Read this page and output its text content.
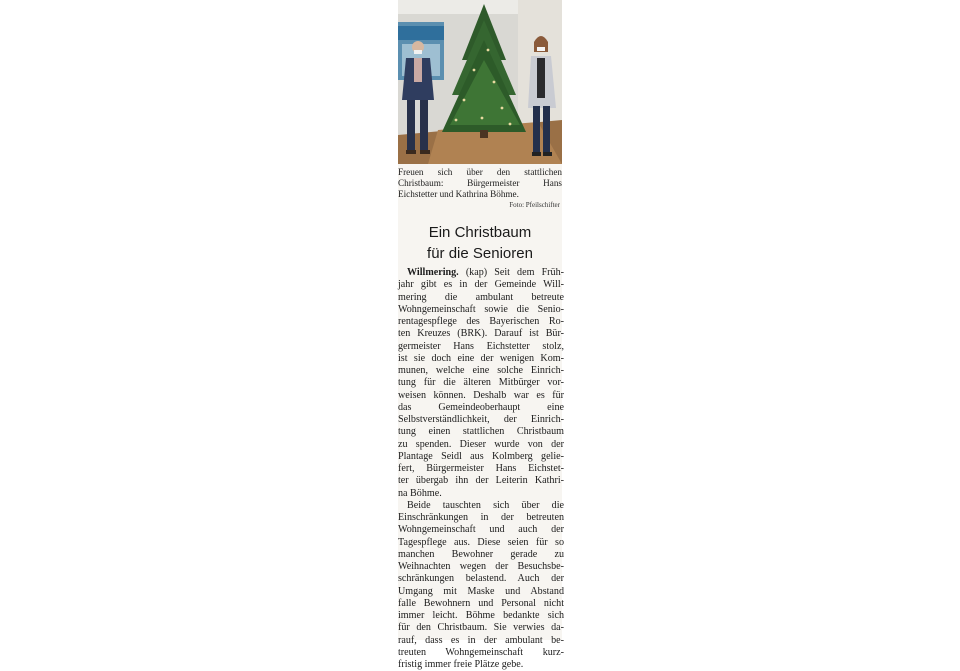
Freuen sich über den stattlichen
Christbaum: Bürgermeister Hans
Eichstetter und Kathrina Böhme.
Foto: Pfeilschifter
Ein Christbaum
für die Senioren
Willmering. (kap) Seit dem Früh-
jahr gibt es in der Gemeinde Will-
mering die ambulant betreute
Wohngemeinschaft sowie die Senio-
rentagespflege des Bayerischen Ro-
ten Kreuzes (BRK). Darauf ist Bür-
germeister Hans Eichstetter stolz,
ist sie doch eine der wenigen Kom-
munen, welche eine solche Einrich-
tung für die älteren Mitbürger vor-
weisen können. Deshalb war es für
das Gemeindeoberhaupt eine
Selbstverständlichkeit, der Einrich-
tung einen stattlichen Christbaum
zu spenden. Dieser wurde von der
Plantage Seidl aus Kolmberg gelie-
fert, Bürgermeister Hans Eichstet-
ter übergab ihn der Leiterin Kathri-
na Böhme.
Beide tauschten sich über die
Einschränkungen in der betreuten
Wohngemeinschaft und auch der
Tagespflege aus. Diese seien für so
manchen Bewohner gerade zu
Weihnachten wegen der Besuchsbe-
schränkungen belastend. Auch der
Umgang mit Maske und Abstand
falle Bewohnern und Personal nicht
immer leicht. Böhme bedankte sich
für den Christbaum. Sie verwies da-
rauf, dass es in der ambulant be-
treuten Wohngemeinschaft kurz-
fristig immer freie Plätze gebe.
